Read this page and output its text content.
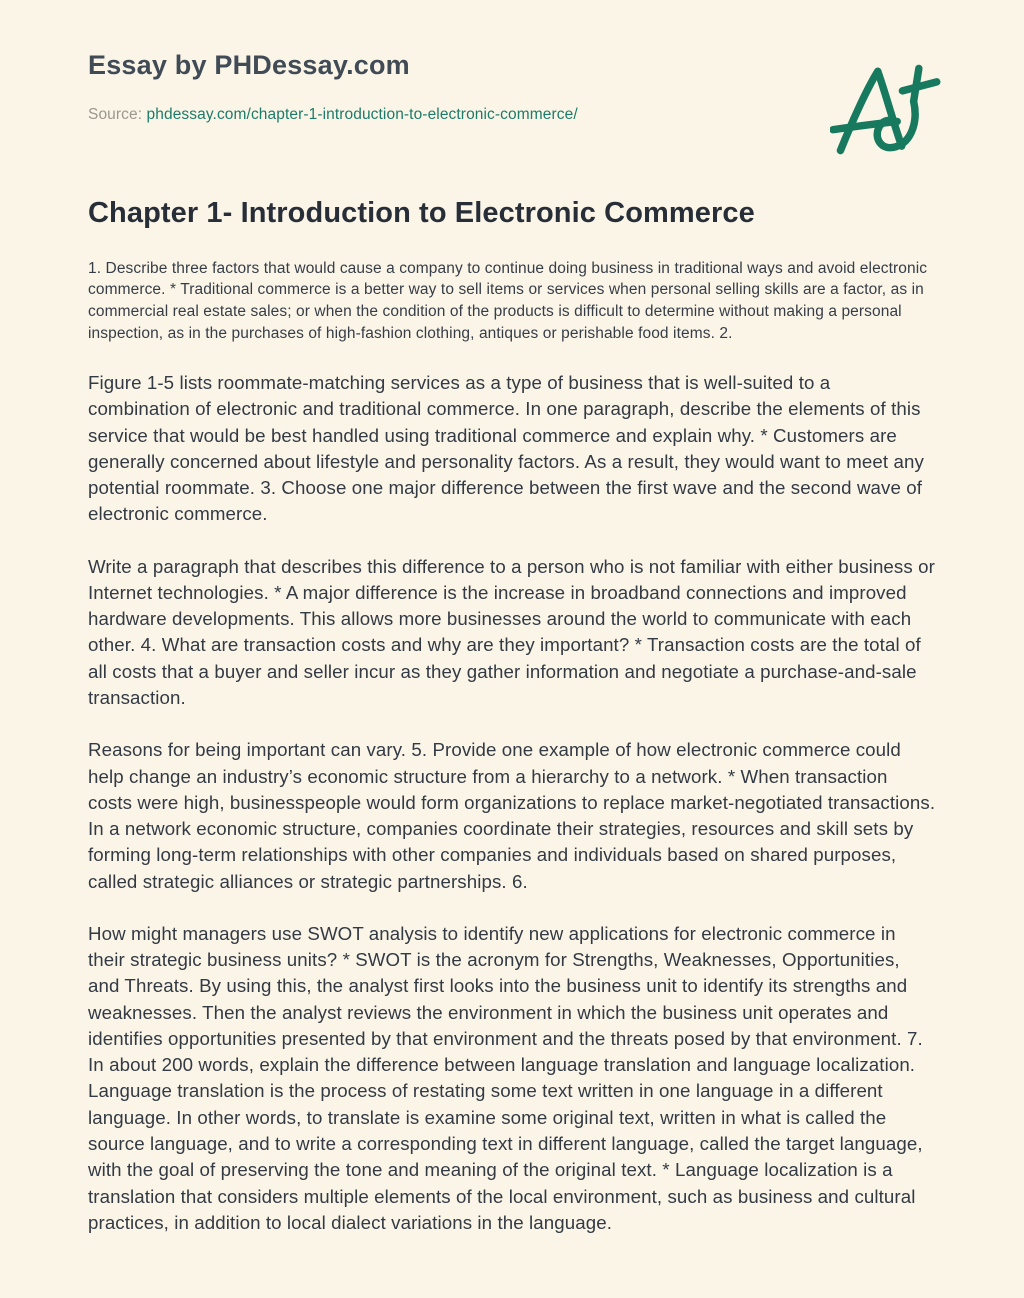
Essay by PHDessay.com

Source: phdessay.com/chapter-1-introduction-to-electronic-commerce/

Chapter 1- Introduction to Electronic Commerce

1. Describe three factors that would cause a company to continue doing business in traditional ways and avoid electronic commerce. * Traditional commerce is a better way to sell items or services when personal selling skills are a factor, as in commercial real estate sales; or when the condition of the products is difficult to determine without making a personal inspection, as in the purchases of high-fashion clothing, antiques or perishable food items. 2.

Figure 1-5 lists roommate-matching services as a type of business that is well-suited to a combination of electronic and traditional commerce. In one paragraph, describe the elements of this service that would be best handled using traditional commerce and explain why. * Customers are generally concerned about lifestyle and personality factors. As a result, they would want to meet any potential roommate. 3. Choose one major difference between the first wave and the second wave of electronic commerce.

Write a paragraph that describes this difference to a person who is not familiar with either business or Internet technologies. * A major difference is the increase in broadband connections and improved hardware developments. This allows more businesses around the world to communicate with each other. 4. What are transaction costs and why are they important? * Transaction costs are the total of all costs that a buyer and seller incur as they gather information and negotiate a purchase-and-sale transaction.

Reasons for being important can vary. 5. Provide one example of how electronic commerce could help change an industry’s economic structure from a hierarchy to a network. * When transaction costs were high, businesspeople would form organizations to replace market-negotiated transactions. In a network economic structure, companies coordinate their strategies, resources and skill sets by forming long-term relationships with other companies and individuals based on shared purposes, called strategic alliances or strategic partnerships. 6.

How might managers use SWOT analysis to identify new applications for electronic commerce in their strategic business units? * SWOT is the acronym for Strengths, Weaknesses, Opportunities, and Threats. By using this, the analyst first looks into the business unit to identify its strengths and weaknesses. Then the analyst reviews the environment in which the business unit operates and identifies opportunities presented by that environment and the threats posed by that environment. 7. In about 200 words, explain the difference between language translation and language localization. Language translation is the process of restating some text written in one language in a different language. In other words, to translate is examine some original text, written in what is called the source language, and to write a corresponding text in different language, called the target language, with the goal of preserving the tone and meaning of the original text. * Language localization is a translation that considers multiple elements of the local environment, such as business and cultural practices, in addition to local dialect variations in the language.
